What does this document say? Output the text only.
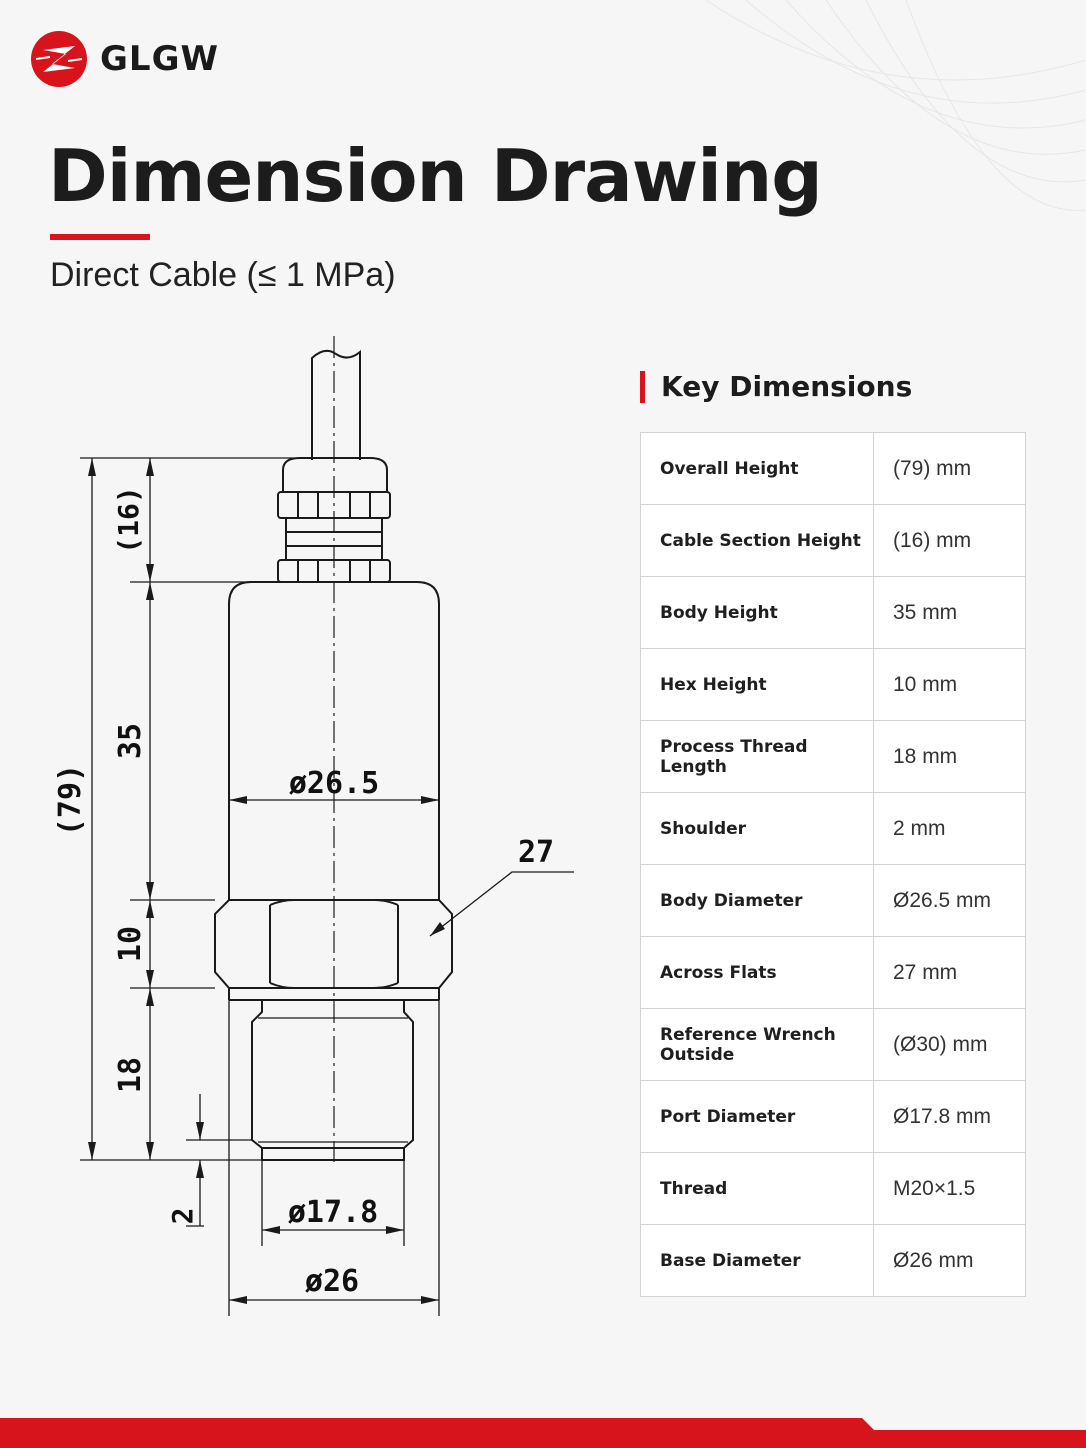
GLGW
Dimension Drawing
Direct Cable (≤ 1 MPa)
(79)
(16)
35
10
18
2
ø26.5
27
ø17.8
ø26
Key Dimensions
Overall Height	(79) mm
Cable Section Height	(16) mm
Body Height	35 mm
Hex Height	10 mm
Process Thread Length	18 mm
Shoulder	2 mm
Body Diameter	Ø26.5 mm
Across Flats	27 mm
Reference Wrench Outside	(Ø30) mm
Port Diameter	Ø17.8 mm
Thread	M20×1.5
Base Diameter	Ø26 mm
